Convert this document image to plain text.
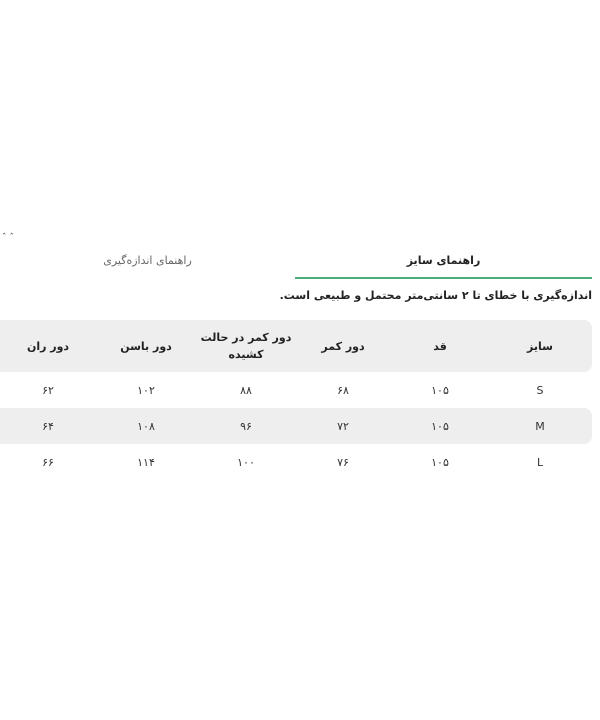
ˆ ˆ
راهنمای اندازه‌گیری	راهنمای سایز
اندازه‌گیری با خطای تا ۲ سانتی‌متر محتمل و طبیعی است.
سایز
قد
دور کمر
دور کمر در حالت کشیده
دور باسن
دور ران
S
۱۰۵
۶۸
۸۸
۱۰۲
۶۲
M
۱۰۵
۷۲
۹۶
۱۰۸
۶۴
L
۱۰۵
۷۶
۱۰۰
۱۱۴
۶۶
